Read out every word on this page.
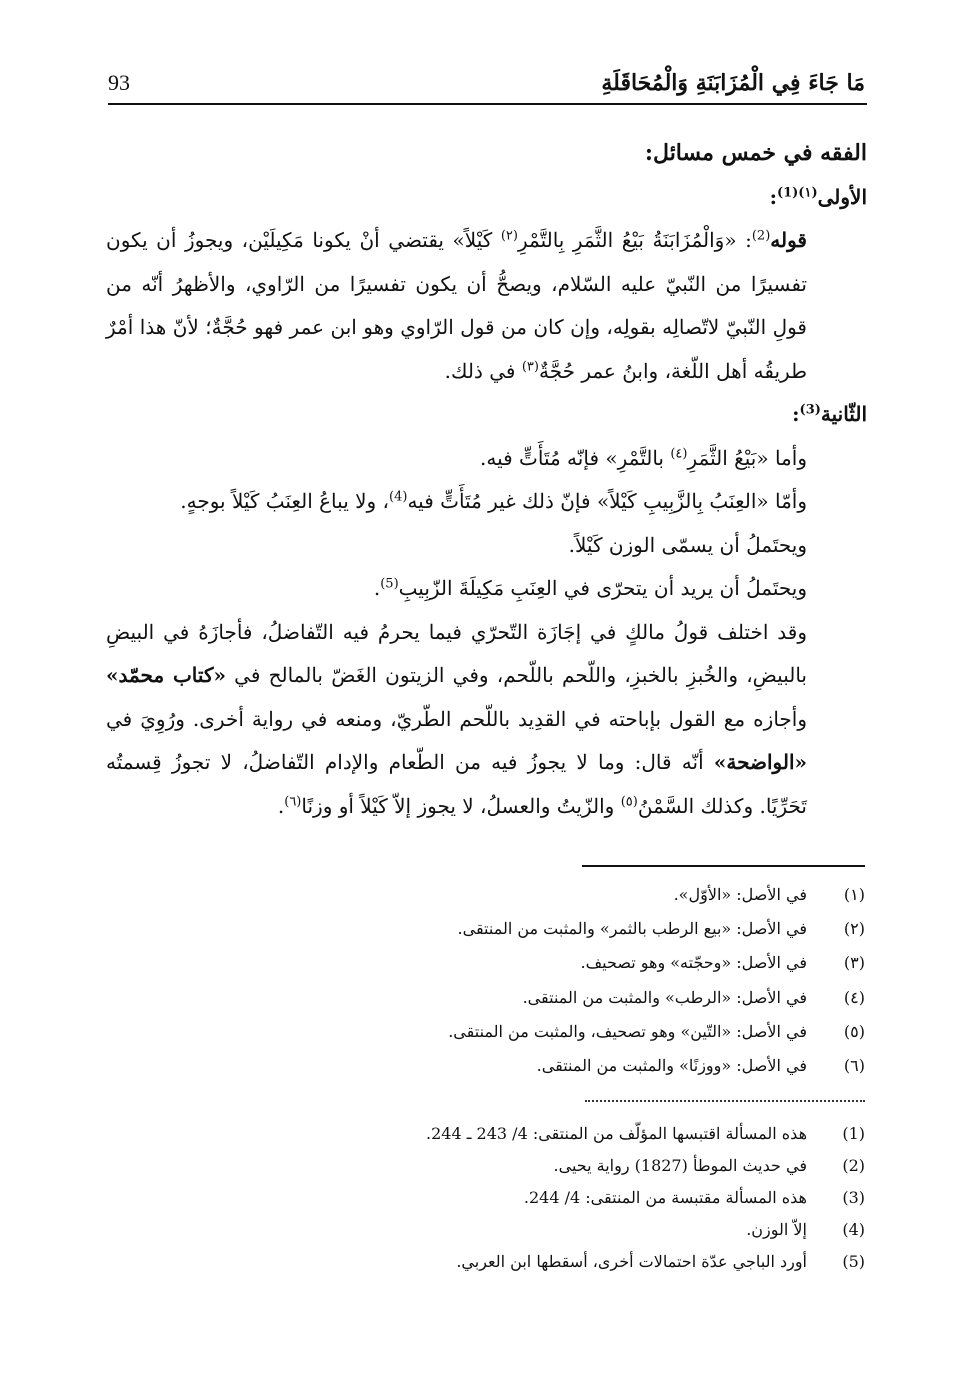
93	مَا جَاءَ فِي الْمُزَابَنَةِ وَالْمُحَاقَلَةِ

الفقه في خمس مسائل:

الأولى$^{(١)(1)}$:

قوله$^{(2)}$: «وَالْمُزَابَنَةُ بَيْعُ الثَّمَرِ بِالتَّمْرِ$^{(٢)}$ كَيْلاً» يقتضي أنْ يكونا مَكِيلَيْن، ويجوزُ أن يكون تفسيرًا من النّبيّ عليه السّلام، ويصحُّ أن يكون تفسيرًا من الرّاوي، والأظهرُ أنّه من قولِ النّبيّ لاتّصالِه بقولِه، وإن كان من قول الرّاوي وهو ابن عمر فهو حُجَّةٌ؛ لأنّ هذا أمْرٌ طريقُه أهل اللّغة، وابنُ عمر حُجَّةٌ$^{(٣)}$ في ذلك.

الثّانية$^{(3)}$:

وأما «بَيْعُ الثَّمَرِ$^{(٤)}$ بالتَّمْرِ» فإنّه مُتَأَتٍّ فيه.

وأمّا «العِنَبُ بِالزَّبِيبِ كَيْلاً» فإنّ ذلك غير مُتَأَتٍّ فيه$^{(4)}$، ولا يباعُ العِنَبُ كَيْلاً بوجهٍ.

ويحتَملُ أن يسمّى الوزن كَيْلاً.

ويحتَملُ أن يريد أن يتحرّى في العِنَبِ مَكِيلَةَ الزّبِيبِ$^{(5)}$.

وقد اختلف قولُ مالكٍ في إجَازَة التّحرّي فيما يحرمُ فيه التّفاضلُ، فأجازَهُ في البيضِ بالبيضِ، والخُبزِ بالخبزِ، واللّحم باللّحم، وفي الزيتون الغَضّ بالمالح في «كتاب محمّد» وأجازه مع القول بإباحته في القدِيد باللّحم الطّريّ، ومنعه في رواية أخرى. ورُوِيَ في «الواضحة» أنّه قال: وما لا يجوزُ فيه من الطّعام والإدام التّفاضلُ، لا تجوزُ قِسمتُه تَحَرِّيًا. وكذلك السَّمْنُ$^{(٥)}$ والزّيتُ والعسلُ، لا يجوز إلاّ كَيْلاً أو وزنًا$^{(٦)}$.

(١)
في الأصل: «الأوّل».
(٢)
في الأصل: «بيع الرطب بالثمر» والمثبت من المنتقى.
(٣)
في الأصل: «وحجّته» وهو تصحيف.
(٤)
في الأصل: «الرطب» والمثبت من المنتقى.
(٥)
في الأصل: «التّين» وهو تصحيف، والمثبت من المنتقى.
(٦)
في الأصل: «ووزنًا» والمثبت من المنتقى.
(1)
هذه المسألة اقتبسها المؤلّف من المنتقى: 4/ 243 ـ 244.
(2)
في حديث الموطأ (1827) رواية يحيى.
(3)
هذه المسألة مقتبسة من المنتقى: 4/ 244.
(4)
إلاّ الوزن.
(5)
أورد الباجي عدّة احتمالات أخرى، أسقطها ابن العربي.
